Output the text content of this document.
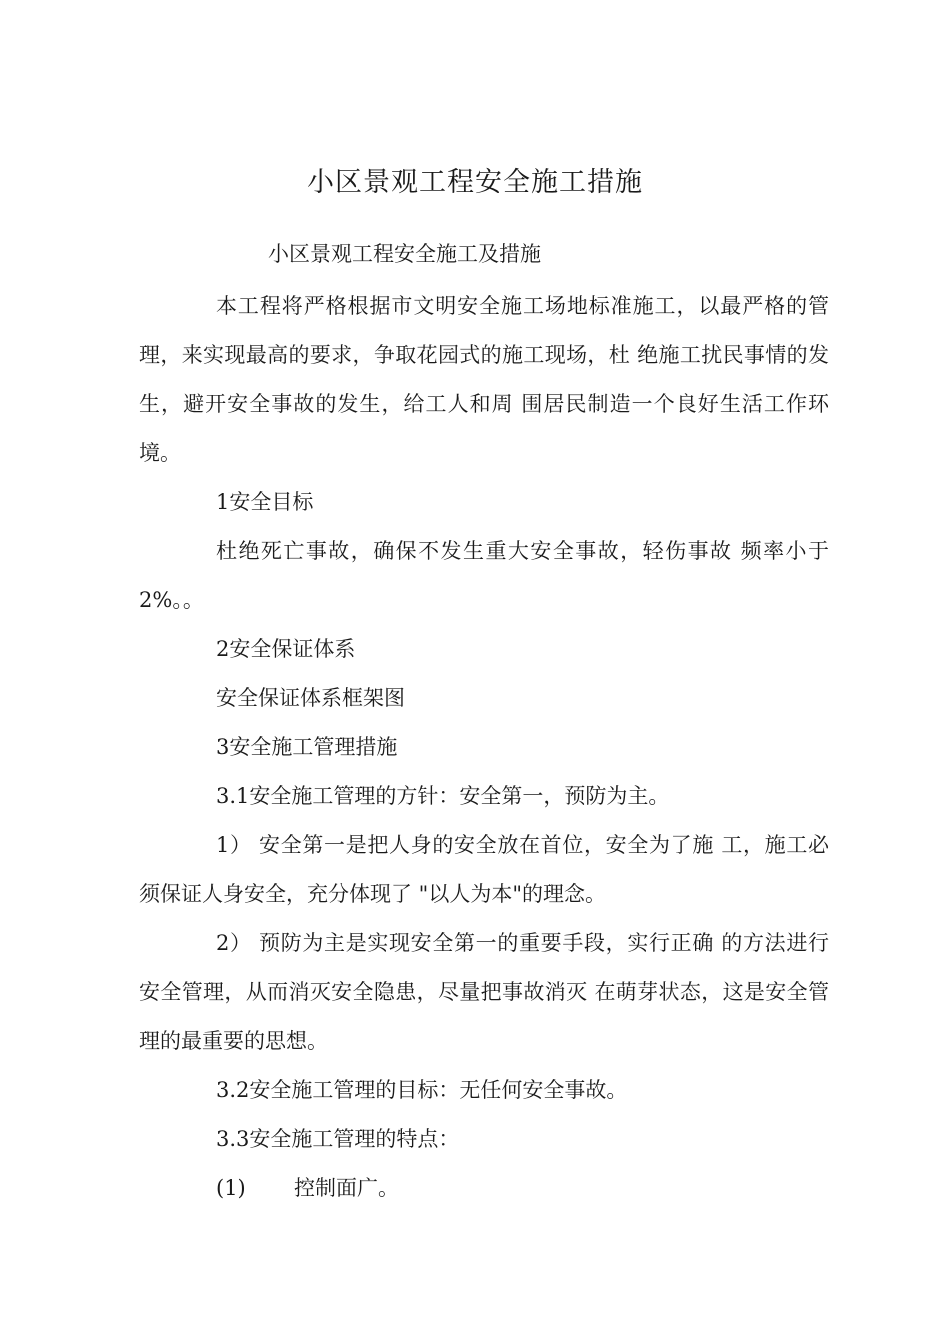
小区景观工程安全施工措施
小区景观工程安全施工及措施

本工程将严格根据市文明安全施工场地标准施工，以最严格的管理，来实现最高的要求，争取花园式的施工现场，杜 绝施工扰民事情的发生，避开安全事故的发生，给工人和周 围居民制造一个良好生活工作环境。

1安全目标

杜绝死亡事故，确保不发生重大安全事故，轻伤事故 频率小于2%。。

2安全保证体系

安全保证体系框架图

3安全施工管理措施

3.1安全施工管理的方针：安全第一，预防为主。

1） 安全第一是把人身的安全放在首位，安全为了施 工，施工必须保证人身安全，充分体现了 "以人为本"的理念。

2） 预防为主是实现安全第一的重要手段，实行正确 的方法进行安全管理，从而消灭安全隐患，尽量把事故消灭 在萌芽状态，这是安全管理的最重要的思想。

3.2安全施工管理的目标：无任何安全事故。

3.3安全施工管理的特点：

(1) 控制面广。
